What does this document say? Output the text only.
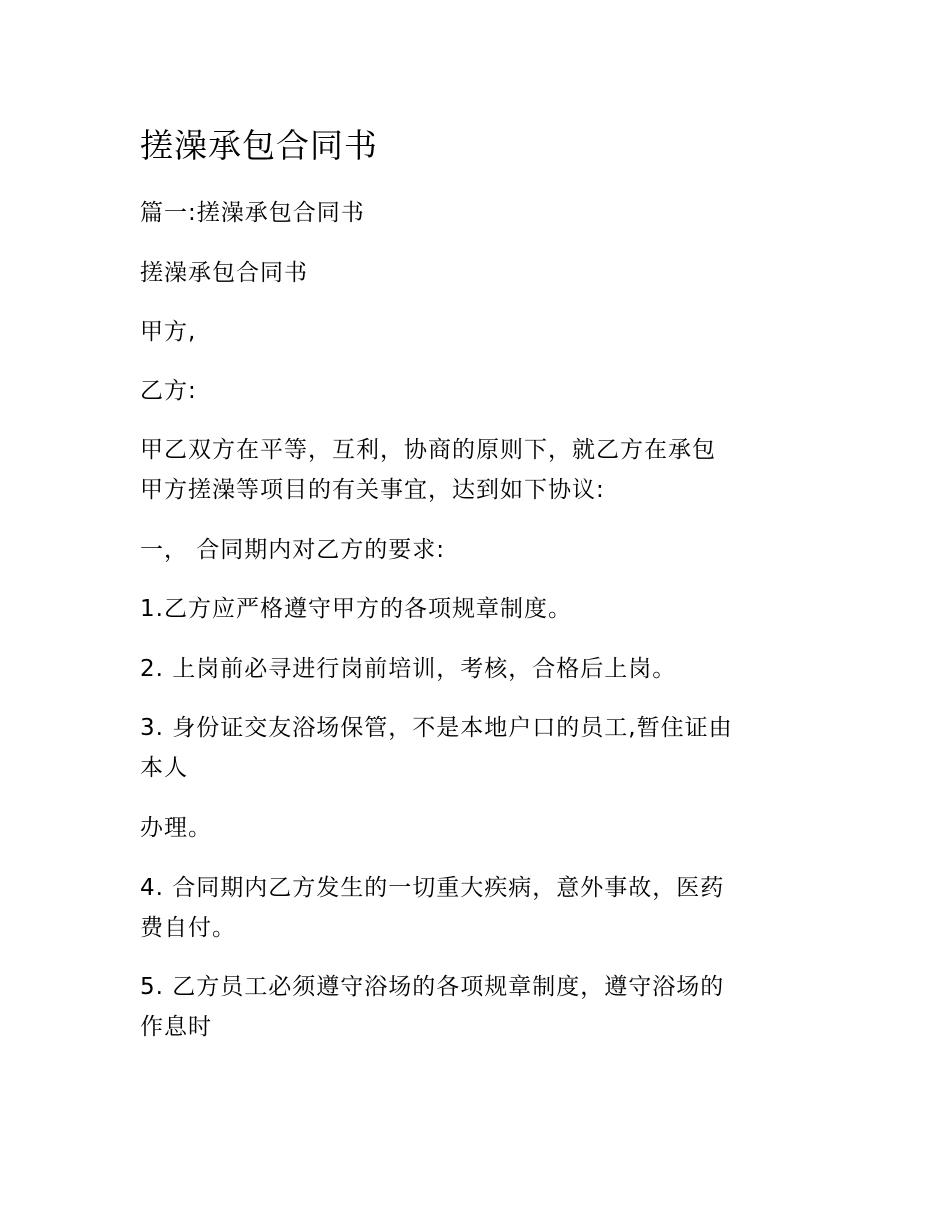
搓澡承包合同书

篇一:搓澡承包合同书

搓澡承包合同书

甲方,

乙方:

甲乙双方在平等，互利，协商的原则下，就乙方在承包
甲方搓澡等项目的有关事宜，达到如下协议:

一， 合同期内对乙方的要求:

1.乙方应严格遵守甲方的各项规章制度。

2. 上岗前必寻进行岗前培训，考核，合格后上岗。

3. 身份证交友浴场保管，不是本地户口的员工,暂住证由
本人

办理。

4. 合同期内乙方发生的一切重大疾病，意外事故，医药
费自付。
5. 乙方员工必须遵守浴场的各项规章制度，遵守浴场的
作息时
